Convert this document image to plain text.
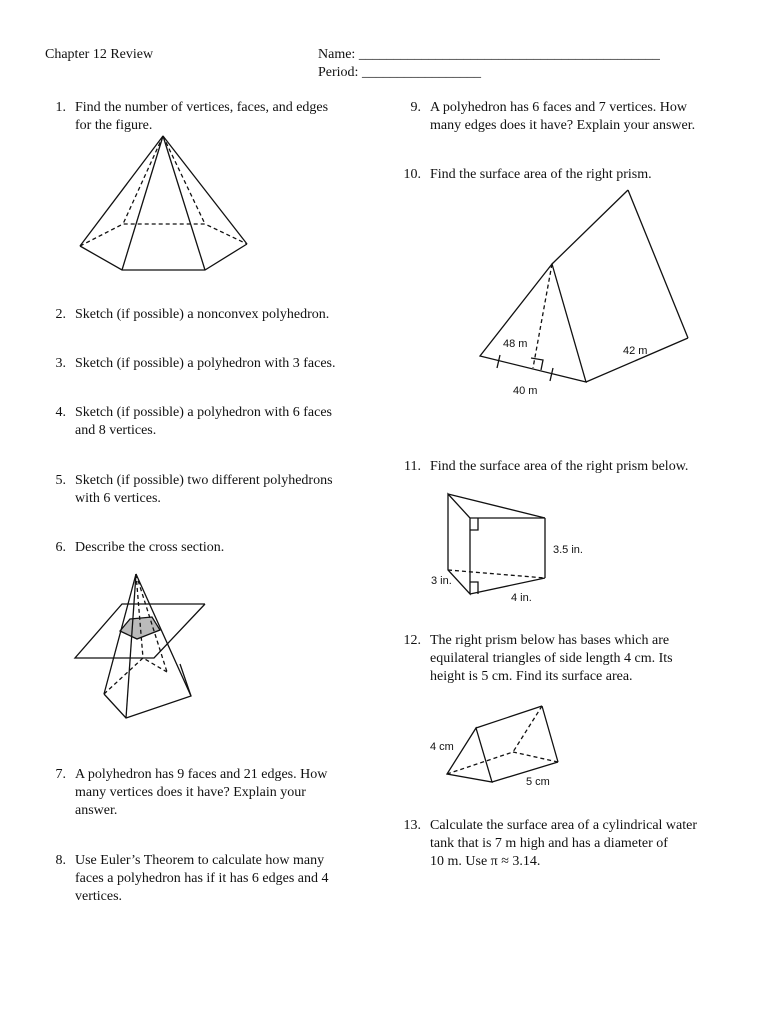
Chapter 12 Review	Name: ___________________________________________
Period: _________________
1. Find the number of vertices, faces, and edges
for the figure.
2. Sketch (if possible) a nonconvex polyhedron.
3. Sketch (if possible) a polyhedron with 3 faces.
4. Sketch (if possible) a polyhedron with 6 faces
and 8 vertices.
5. Sketch (if possible) two different polyhedrons
with 6 vertices.
6. Describe the cross section.
7. A polyhedron has 9 faces and 21 edges. How
many vertices does it have? Explain your
answer.
8. Use Euler’s Theorem to calculate how many
faces a polyhedron has if it has 6 edges and 4
vertices.
9. A polyhedron has 6 faces and 7 vertices. How
many edges does it have? Explain your answer.
10. Find the surface area of the right prism.
11. Find the surface area of the right prism below.
12. The right prism below has bases which are
equilateral triangles of side length 4 cm. Its
height is 5 cm. Find its surface area.
13. Calculate the surface area of a cylindrical water
tank that is 7 m high and has a diameter of
10 m. Use π ≈ 3.14.
48 m
42 m
40 m
3 in.
4 in.
3.5 in.
4 cm
5 cm
